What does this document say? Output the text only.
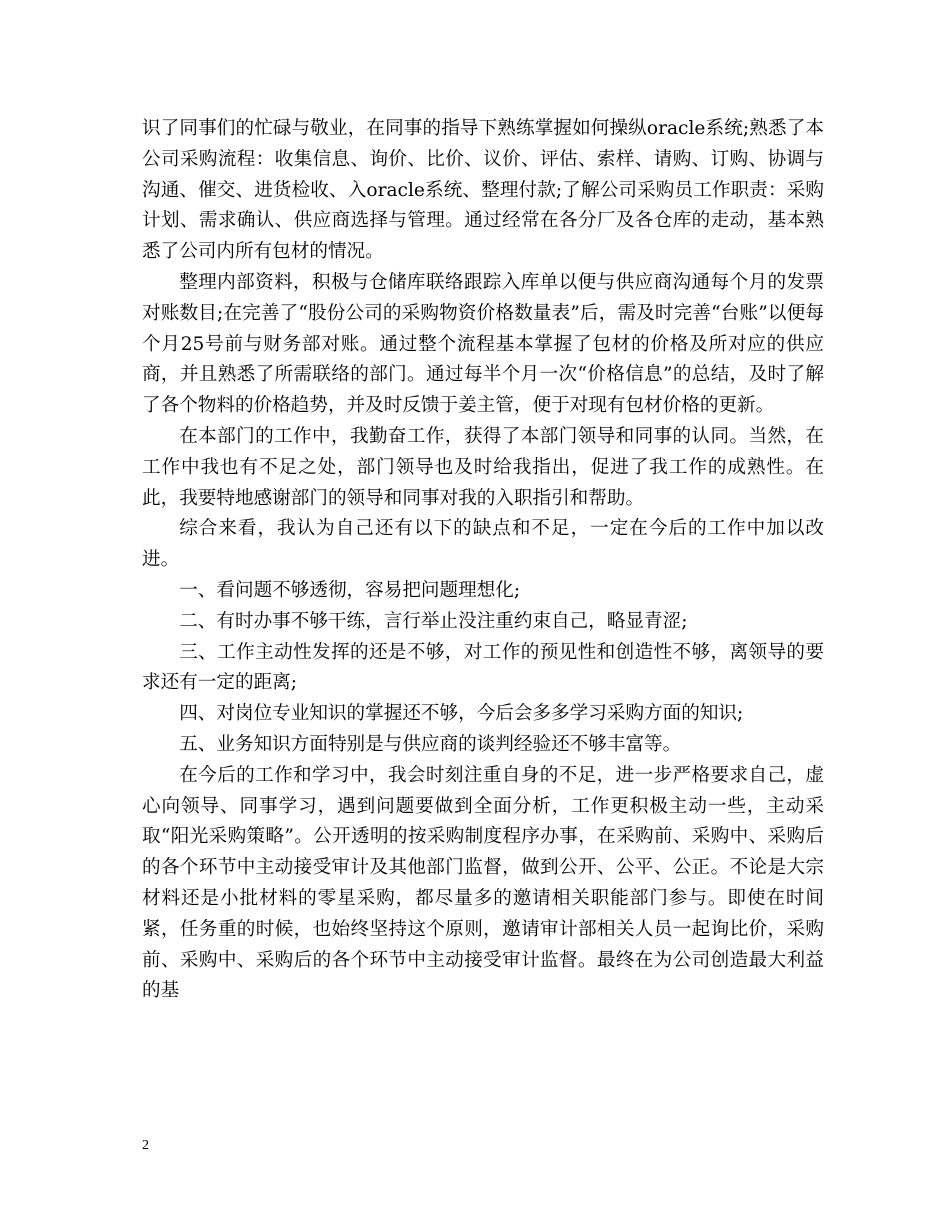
识了同事们的忙碌与敬业，在同事的指导下熟练掌握如何操纵oracle系统;熟悉了本公司采购流程：收集信息、询价、比价、议价、评估、索样、请购、订购、协调与沟通、催交、进货检收、入oracle系统、整理付款;了解公司采购员工作职责：采购计划、需求确认、供应商选择与管理。通过经常在各分厂及各仓库的走动，基本熟悉了公司内所有包材的情况。

整理内部资料，积极与仓储库联络跟踪入库单以便与供应商沟通每个月的发票对账数目;在完善了“股份公司的采购物资价格数量表”后，需及时完善“台账”以便每个月25号前与财务部对账。通过整个流程基本掌握了包材的价格及所对应的供应商，并且熟悉了所需联络的部门。通过每半个月一次“价格信息”的总结，及时了解了各个物料的价格趋势，并及时反馈于姜主管，便于对现有包材价格的更新。

在本部门的工作中，我勤奋工作，获得了本部门领导和同事的认同。当然，在工作中我也有不足之处，部门领导也及时给我指出，促进了我工作的成熟性。在此，我要特地感谢部门的领导和同事对我的入职指引和帮助。

综合来看，我认为自己还有以下的缺点和不足，一定在今后的工作中加以改进。

一、看问题不够透彻，容易把问题理想化;

二、有时办事不够干练，言行举止没注重约束自己，略显青涩;

三、工作主动性发挥的还是不够，对工作的预见性和创造性不够，离领导的要求还有一定的距离;

四、对岗位专业知识的掌握还不够，今后会多多学习采购方面的知识;

五、业务知识方面特别是与供应商的谈判经验还不够丰富等。

在今后的工作和学习中，我会时刻注重自身的不足，进一步严格要求自己，虚心向领导、同事学习，遇到问题要做到全面分析，工作更积极主动一些，主动采取“阳光采购策略”。公开透明的按采购制度程序办事，在采购前、采购中、采购后的各个环节中主动接受审计及其他部门监督，做到公开、公平、公正。不论是大宗材料还是小批材料的零星采购，都尽量多的邀请相关职能部门参与。即使在时间紧，任务重的时候，也始终坚持这个原则，邀请审计部相关人员一起询比价，采购前、采购中、采购后的各个环节中主动接受审计监督。最终在为公司创造最大利益的基

2
